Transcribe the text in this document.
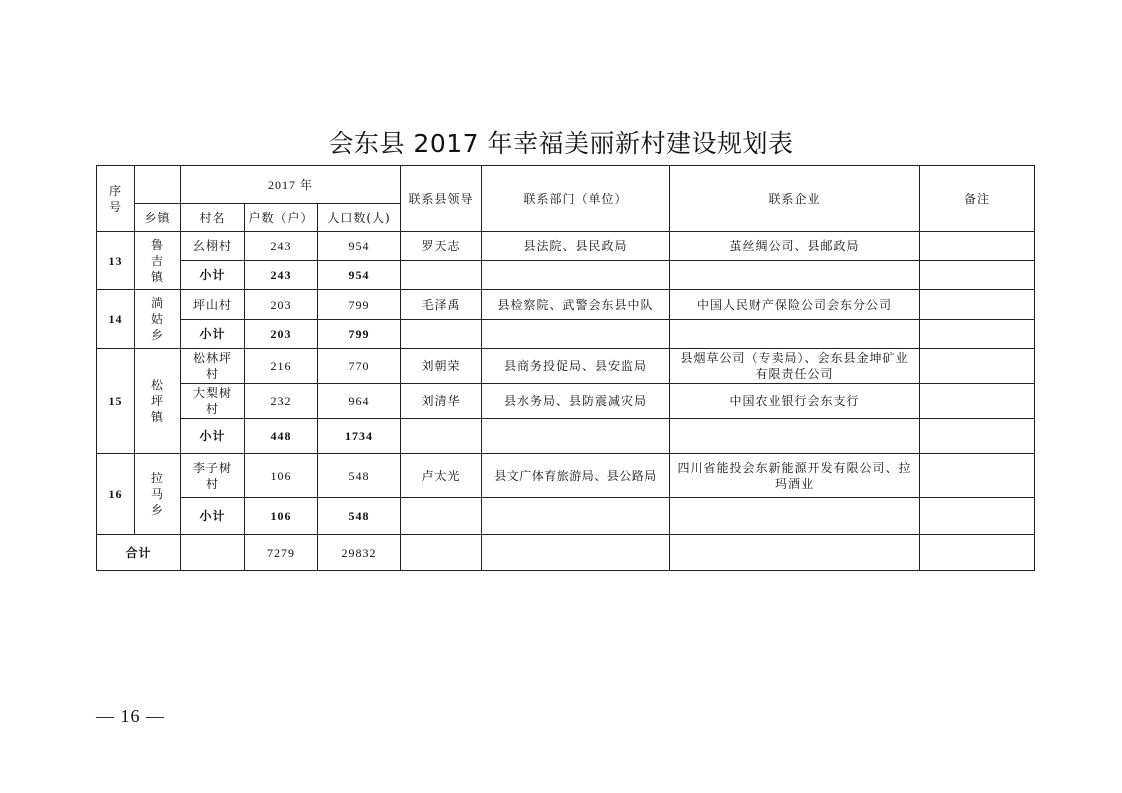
会东县 2017 年幸福美丽新村建设规划表
序号		2017 年			联系县领导	联系部门（单位）	联系企业	备注
	乡镇	村名	户数（户）	人口数(人)				
13	鲁吉镇	幺栩村	243	954	罗天志	县法院、县民政局	茧丝绸公司、县邮政局	
		小计	243	954				
14	淌姑乡	坪山村	203	799	毛泽禹	县检察院、武警会东县中队	中国人民财产保险公司会东分公司	
		小计	203	799				
15	松坪镇	松林坪村	216	770	刘朝荣	县商务投促局、县安监局	县烟草公司（专卖局）、会东县金坤矿业有限责任公司	
		大梨树村	232	964	刘清华	县水务局、县防震减灾局	中国农业银行会东支行	
		小计	448	1734				
16	拉马乡	李子树村	106	548	卢太光	县文广体育旅游局、县公路局	四川省能投会东新能源开发有限公司、拉玛酒业	
		小计	106	548				
合计			7279	29832				
— 16 —
